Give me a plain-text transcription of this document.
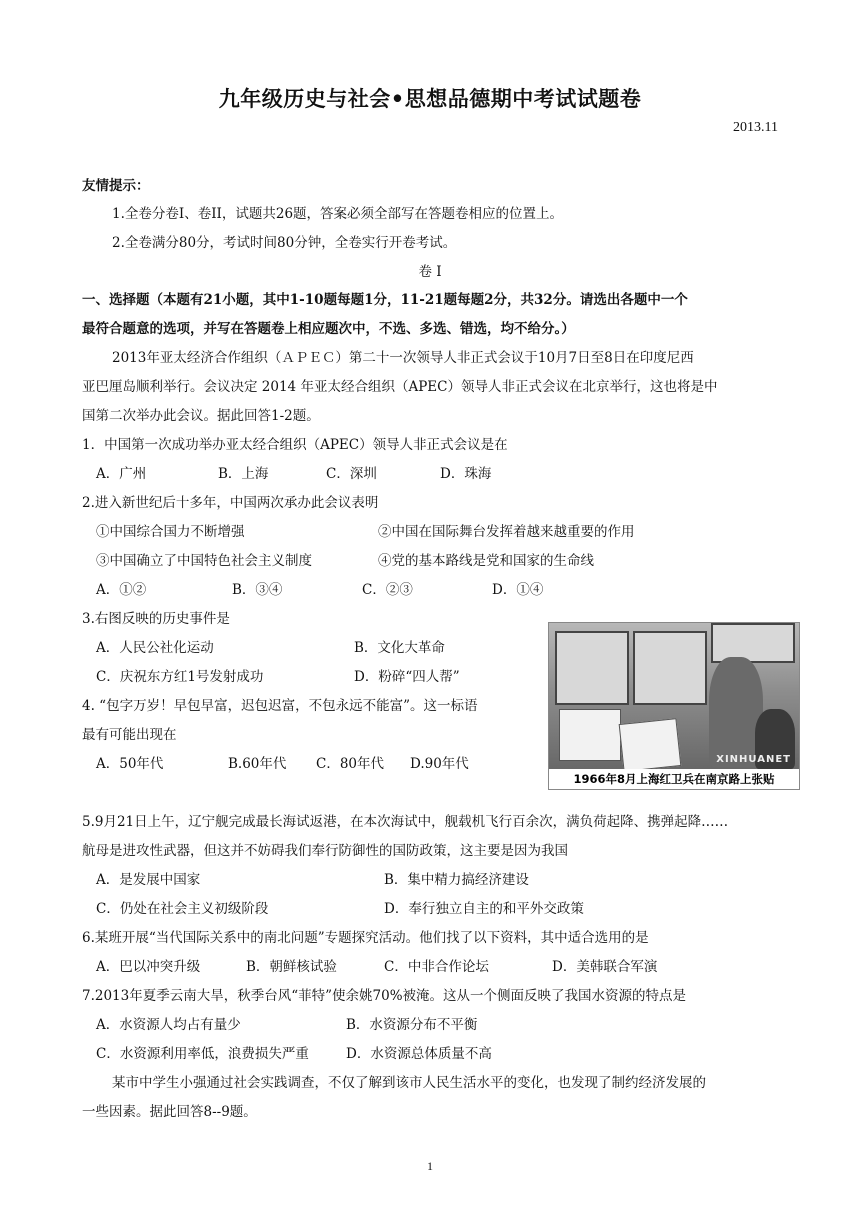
九年级历史与社会•思想品德期中考试试题卷
2013.11
友情提示：
1.全卷分卷I、卷II，试题共26题，答案必须全部写在答题卷相应的位置上。
2.全卷满分80分，考试时间80分钟，全卷实行开卷考试。
卷 I
一、选择题（本题有21小题，其中1-10题每题1分，11-21题每题2分，共32分。请选出各题中一个
最符合题意的选项，并写在答题卷上相应题次中，不选、多选、错选，均不给分。）
2013年亚太经济合作组织（ＡＰＥＣ）第二十一次领导人非正式会议于10月7日至8日在印度尼西
亚巴厘岛顺利举行。会议决定 2014 年亚太经合组织（APEC）领导人非正式会议在北京举行，这也将是中
国第二次举办此会议。据此回答1-2题。
1．中国第一次成功举办亚太经合组织（APEC）领导人非正式会议是在
A．广州	B．上海	C．深圳	D．珠海
2.进入新世纪后十多年，中国两次承办此会议表明
①中国综合国力不断增强	②中国在国际舞台发挥着越来越重要的作用
③中国确立了中国特色社会主义制度	④党的基本路线是党和国家的生命线
A．①②	B．③④	C．②③	D．①④
3.右图反映的历史事件是
A．人民公社化运动	B．文化大革命
C．庆祝东方红1号发射成功	D．粉碎“四人帮”
XINHUANET
1966年8月上海红卫兵在南京路上张贴
4. “包字万岁！早包早富，迟包迟富，不包永远不能富”。这一标语
最有可能出现在
A．50年代	B.60年代 C．80年代 D.90年代
5.9月21日上午，辽宁舰完成最长海试返港，在本次海试中，舰载机飞行百余次，满负荷起降、携弹起降……
航母是进攻性武器，但这并不妨碍我们奉行防御性的国防政策，这主要是因为我国
A．是发展中国家	B．集中精力搞经济建设
C．仍处在社会主义初级阶段	D．奉行独立自主的和平外交政策
6.某班开展“当代国际关系中的南北问题”专题探究活动。他们找了以下资料，其中适合选用的是
A．巴以冲突升级	B．朝鲜核试验	C．中非合作论坛	D．美韩联合军演
7.2013年夏季云南大旱，秋季台风“菲特”使余姚70%被淹。这从一个侧面反映了我国水资源的特点是
A．水资源人均占有量少	B．水资源分布不平衡
C．水资源利用率低，浪费损失严重	D．水资源总体质量不高
某市中学生小强通过社会实践调查，不仅了解到该市人民生活水平的变化，也发现了制约经济发展的
一些因素。据此回答8--9题。
1
